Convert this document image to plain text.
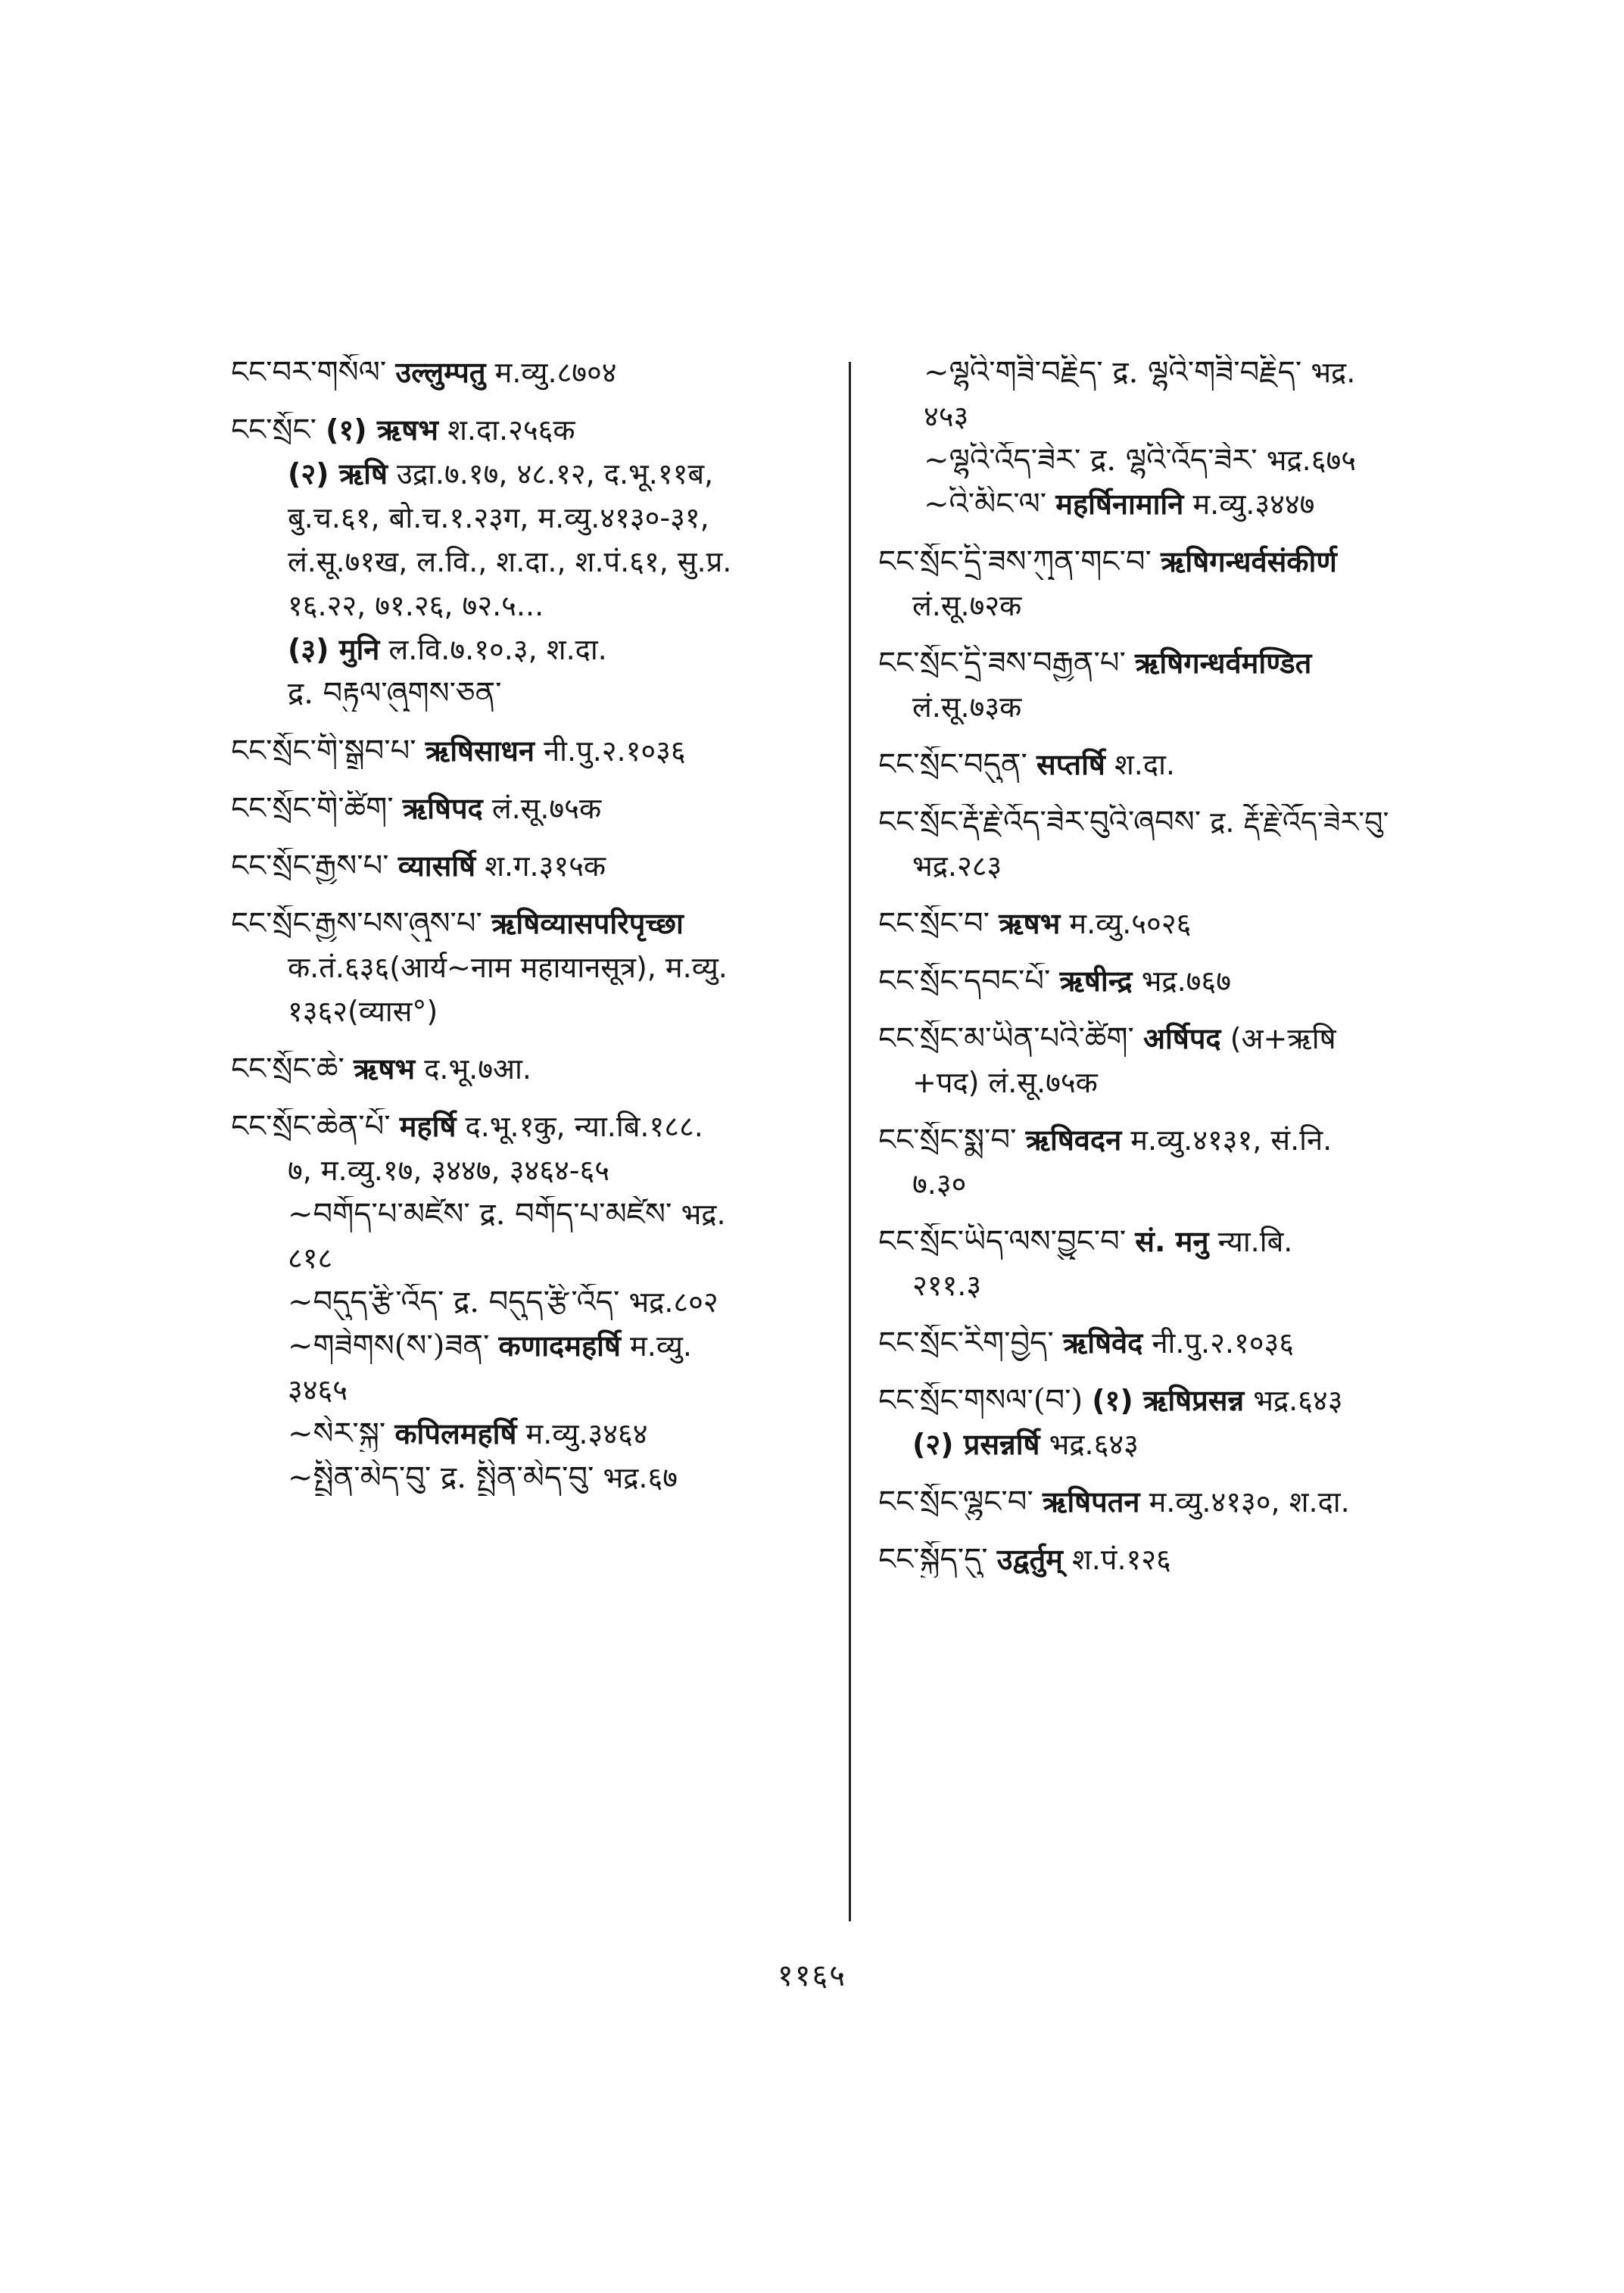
ངང་བར་གསོལ་ उल्लुम्पतु म.व्यु.८७०४
ངང་སྲོང་ (१) ऋषभ श.दा.२५६क
(२) ऋषि उद्रा.७.१७, ४८.१२, द.भू.११ब,
बु.च.६१, बो.च.१.२३ग, म.व्यु.४१३०-३१,
लं.सू.७१ख, ल.वि., श.दा., श.पं.६१, सु.प्र.
१६.२२, ७१.२६, ७२.५...
(३) मुनि ल.वि.७.१०.३, श.दा.
द्र. བརྟུལ་ཞུགས་ཅན་
ངང་སྲོང་གི་སྒྲུབ་པ་ ऋषिसाधन नी.पु.२.१०३६
ངང་སྲོང་གི་ཚིག་ ऋषिपद लं.सू.७५क
ངང་སྲོང་རྒྱས་པ་ व्यासर्षि श.ग.३१५क
ངང་སྲོང་རྒྱས་པས་ཞུས་པ་ ऋषिव्यासपरिपृच्छा
क.तं.६३६(आर्य~नाम महायानसूत्र), म.व्यु.
१३६२(व्यास°)
ངང་སྲོང་ཆེ་ ऋषभ द.भू.७आ.
ངང་སྲོང་ཆེན་པོ་ महर्षि द.भू.१कु, न्या.बि.१८८.
७, म.व्यु.१७, ३४४७, ३४६४-६५
~བགོད་པ་མཛེས་ द्र. བགོད་པ་མཛེས་ भद्र.
८१८
~བདུད་རྩི་འོད་ द्र. བདུད་རྩི་འོད་ भद्र.८०२
~གཟེགས(ས་)ཟན་ कणादमहर्षि म.व्यु.
३४६५
~སེར་སྐྱ་ कपिलमहर्षि म.व्यु.३४६४
~སྤྲིན་མེད་བུ་ द्र. སྤྲིན་མེད་བུ་ भद्र.६७
~ལྷའི་གཟི་བརྗིད་ द्र. ལྷའི་གཟི་བརྗིད་ भद्र.
४५३
~ལྷའི་འོད་ཟེར་ द्र. ལྷའི་འོད་ཟེར་ भद्र.६७५
~འི་མིང་ལ་ महर्षिनामानि म.व्यु.३४४७
ངང་སྲོང་དྲི་ཟས་ཀུན་གང་བ་ ऋषिगन्धर्वसंकीर्ण
लं.सू.७२क
ངང་སྲོང་དྲི་ཟས་བརྒྱན་པ་ ऋषिगन्धर्वमण्डित
लं.सू.७३क
ངང་སྲོང་བདུན་ सप्तर्षि श.दा.
ངང་སྲོང་རྡོ་རྗེ་འོད་ཟེར་བུའི་ཞབས་ द्र. རྡོ་རྗེ་འོད་ཟེར་བུ་
भद्र.२८३
ངང་སྲོང་བ་ ऋषभ म.व्यु.५०२६
ངང་སྲོང་དབང་པོ་ ऋषीन्द्र भद्र.७६७
ངང་སྲོང་མ་ཡིན་པའི་ཚིག་ अर्षिपद (अ+ऋषि
+पद) लं.सू.७५क
ངང་སྲོང་སྨྲ་བ་ ऋषिवदन म.व्यु.४१३१, सं.नि.
७.३०
ངང་སྲོང་ཡིད་ལས་བྱུང་བ་ सं. मनु न्या.बि.
२११.३
ངང་སྲོང་རིག་བྱེད་ ऋषिवेद नी.पु.२.१०३६
ངང་སྲོང་གསལ་(བ་) (१) ऋषिप्रसन्न भद्र.६४३
(२) प्रसन्नर्षि भद्र.६४३
ངང་སྲོང་ལྷུང་བ་ ऋषिपतन म.व्यु.४१३०, श.दा.
ངང་སྐྱོད་དུ་ उद्वर्तुम् श.पं.१२६
११६५
